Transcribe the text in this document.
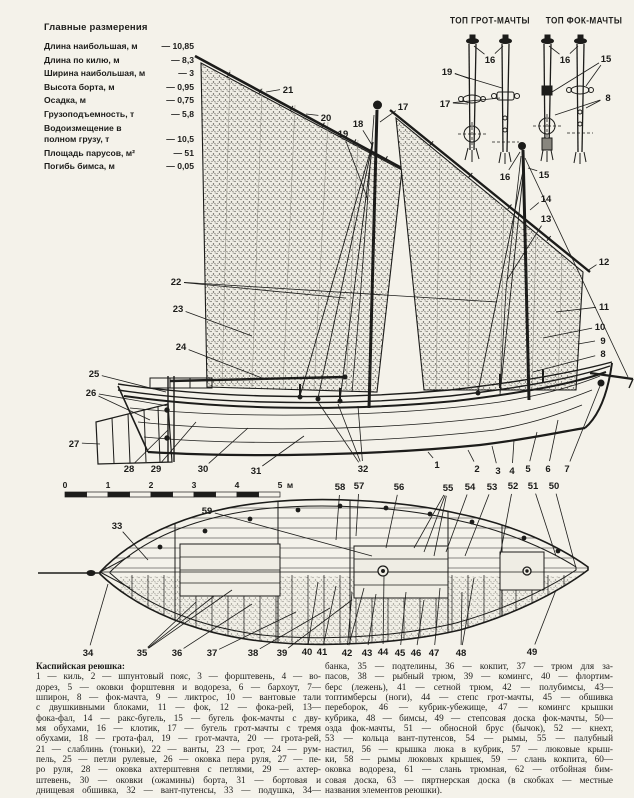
0	1	2	3	4	5 м
16
19
17
16	15
8
1	2 3 4 5 6 7
8
9
10
11
12
13
14
15
16
17
18
19
20
21
22
23
24
25
26
27
28 29	30	31	32
33
34	35	36	37	38 39 40 41 42 43 44 45 46 47 48	49
50
51
52
53
54
55
56
57
58
59
Главные размерения
Длина наибольшая, м	— 10,85
Длина по килю, м	— 8,3
Ширина наибольшая, м	— 3
Высота борта, м	— 0,95
Осадка, м	— 0,75
Грузоподъемность, т	— 5,8
Водоизмещение в полном грузу, т	— 10,5
Площадь парусов, м²	— 51
Погибь бимса, м	— 0,05
ТОП ГРОТ-МАЧТЫ	ТОП ФОК-МАЧТЫ
Каспийская реюшка:
1 — киль, 2 — шпунтовый пояс, 3 — форштевень, 4 — во-
дорез, 5 — оковки форштевня и водореза, 6 — бархоут, 7—
шпирон, 8 — фок-мачта, 9 — ликтрос, 10 — вантовые тали
с двушкивными блоками, 11 — фок, 12 — фока-рей, 13—
фока-фал, 14 — ракс-бугель, 15 — бугель фок-мачты с дву-
мя обухами, 16 — клотик, 17 — бугель грот-мачты с тремя
обухами, 18 — грота-фал, 19 — грот-мачта, 20 — грота-рей,
21 — слаблинь (тоньки), 22 — ванты, 23 — грот, 24 — рум-
пель, 25 — петли рулевые, 26 — оковка пера руля, 27 — пе-
ро руля, 28 — оковка ахтерштевня с петлями, 29 — ахтер-
штевень, 30 — оковки (ожамины) борта, 31 — бортовая и
днищевая обшивка, 32 — вант-путенсы, 33 — подушка, 34—
банка, 35 — подтелины, 36 — кокпит, 37 — трюм для за-
пасов, 38 — рыбный трюм, 39 — комингс, 40 — флортим-
берс (лежень), 41 — сетной трюм, 42 — полубимсы, 43—
топтимберсы (ноги), 44 — степс грот-мачты, 45 — обшивка
переборок, 46 — кубрик-убежище, 47 — комингс крышки
кубрика, 48 — бимсы, 49 — степсовая доска фок-мачты, 50—
озда фок-мачты, 51 — обносной брус (бычок), 52 — кнехт,
53 — кольца вант-путенсов, 54 — рымы, 55 — палубный
настил, 56 — крышка люка в кубрик, 57 — люковые крыш-
ки, 58 — рымы люковых крышек, 59 — слань кокпита, 60—
оковка водореза, 61 — слань трюмная, 62 — отбойная бим-
совая доска, 63 — пяртнерская доска (в скобках — местные
названия элементов реюшки).
